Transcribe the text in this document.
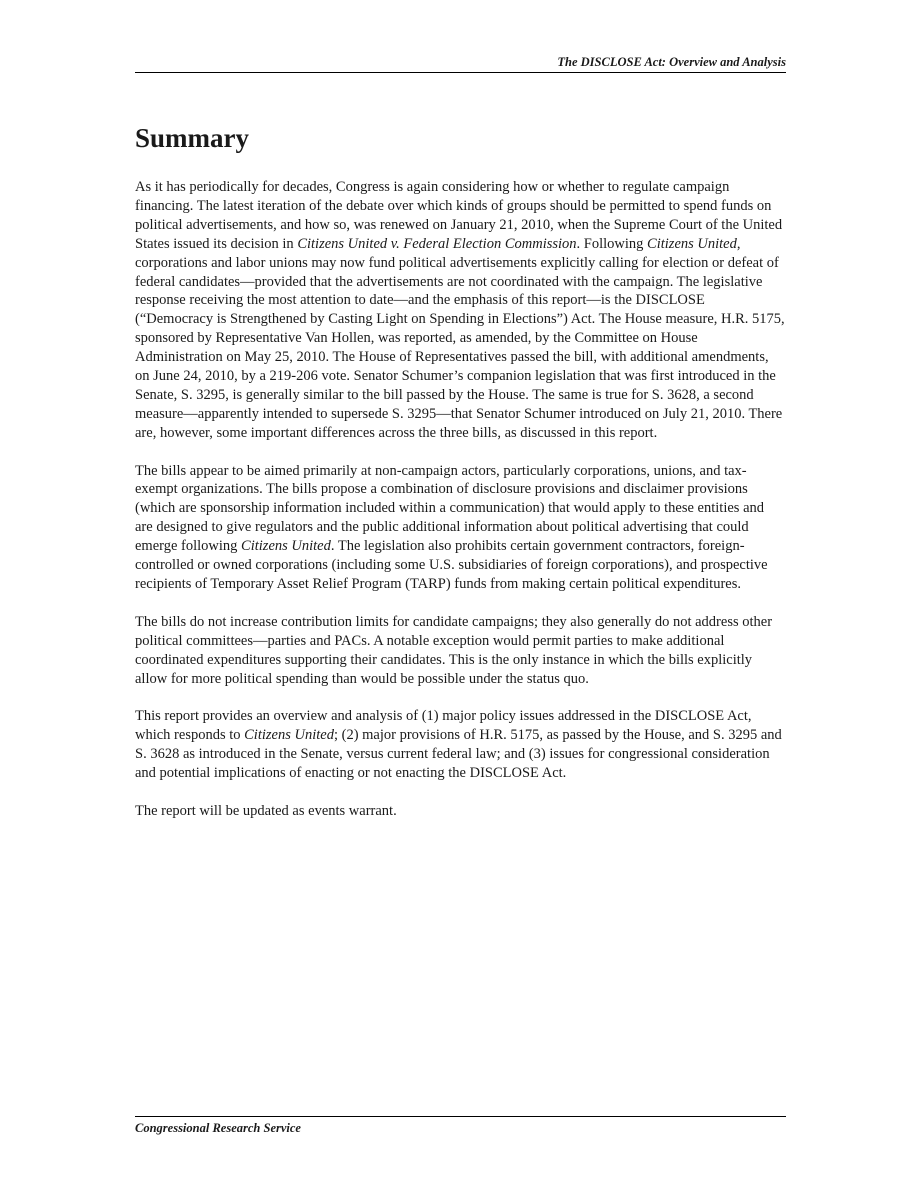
The DISCLOSE Act: Overview and Analysis
Summary

As it has periodically for decades, Congress is again considering how or whether to regulate campaign financing. The latest iteration of the debate over which kinds of groups should be permitted to spend funds on political advertisements, and how so, was renewed on January 21, 2010, when the Supreme Court of the United States issued its decision in Citizens United v. Federal Election Commission. Following Citizens United, corporations and labor unions may now fund political advertisements explicitly calling for election or defeat of federal candidates—provided that the advertisements are not coordinated with the campaign. The legislative response receiving the most attention to date—and the emphasis of this report—is the DISCLOSE (“Democracy is Strengthened by Casting Light on Spending in Elections”) Act. The House measure, H.R. 5175, sponsored by Representative Van Hollen, was reported, as amended, by the Committee on House Administration on May 25, 2010. The House of Representatives passed the bill, with additional amendments, on June 24, 2010, by a 219-206 vote. Senator Schumer’s companion legislation that was first introduced in the Senate, S. 3295, is generally similar to the bill passed by the House. The same is true for S. 3628, a second measure—apparently intended to supersede S. 3295—that Senator Schumer introduced on July 21, 2010. There are, however, some important differences across the three bills, as discussed in this report.

The bills appear to be aimed primarily at non-campaign actors, particularly corporations, unions, and tax-exempt organizations. The bills propose a combination of disclosure provisions and disclaimer provisions (which are sponsorship information included within a communication) that would apply to these entities and are designed to give regulators and the public additional information about political advertising that could emerge following Citizens United. The legislation also prohibits certain government contractors, foreign-controlled or owned corporations (including some U.S. subsidiaries of foreign corporations), and prospective recipients of Temporary Asset Relief Program (TARP) funds from making certain political expenditures.

The bills do not increase contribution limits for candidate campaigns; they also generally do not address other political committees—parties and PACs. A notable exception would permit parties to make additional coordinated expenditures supporting their candidates. This is the only instance in which the bills explicitly allow for more political spending than would be possible under the status quo.

This report provides an overview and analysis of (1) major policy issues addressed in the DISCLOSE Act, which responds to Citizens United; (2) major provisions of H.R. 5175, as passed by the House, and S. 3295 and S. 3628 as introduced in the Senate, versus current federal law; and (3) issues for congressional consideration and potential implications of enacting or not enacting the DISCLOSE Act.

The report will be updated as events warrant.

Congressional Research Service
